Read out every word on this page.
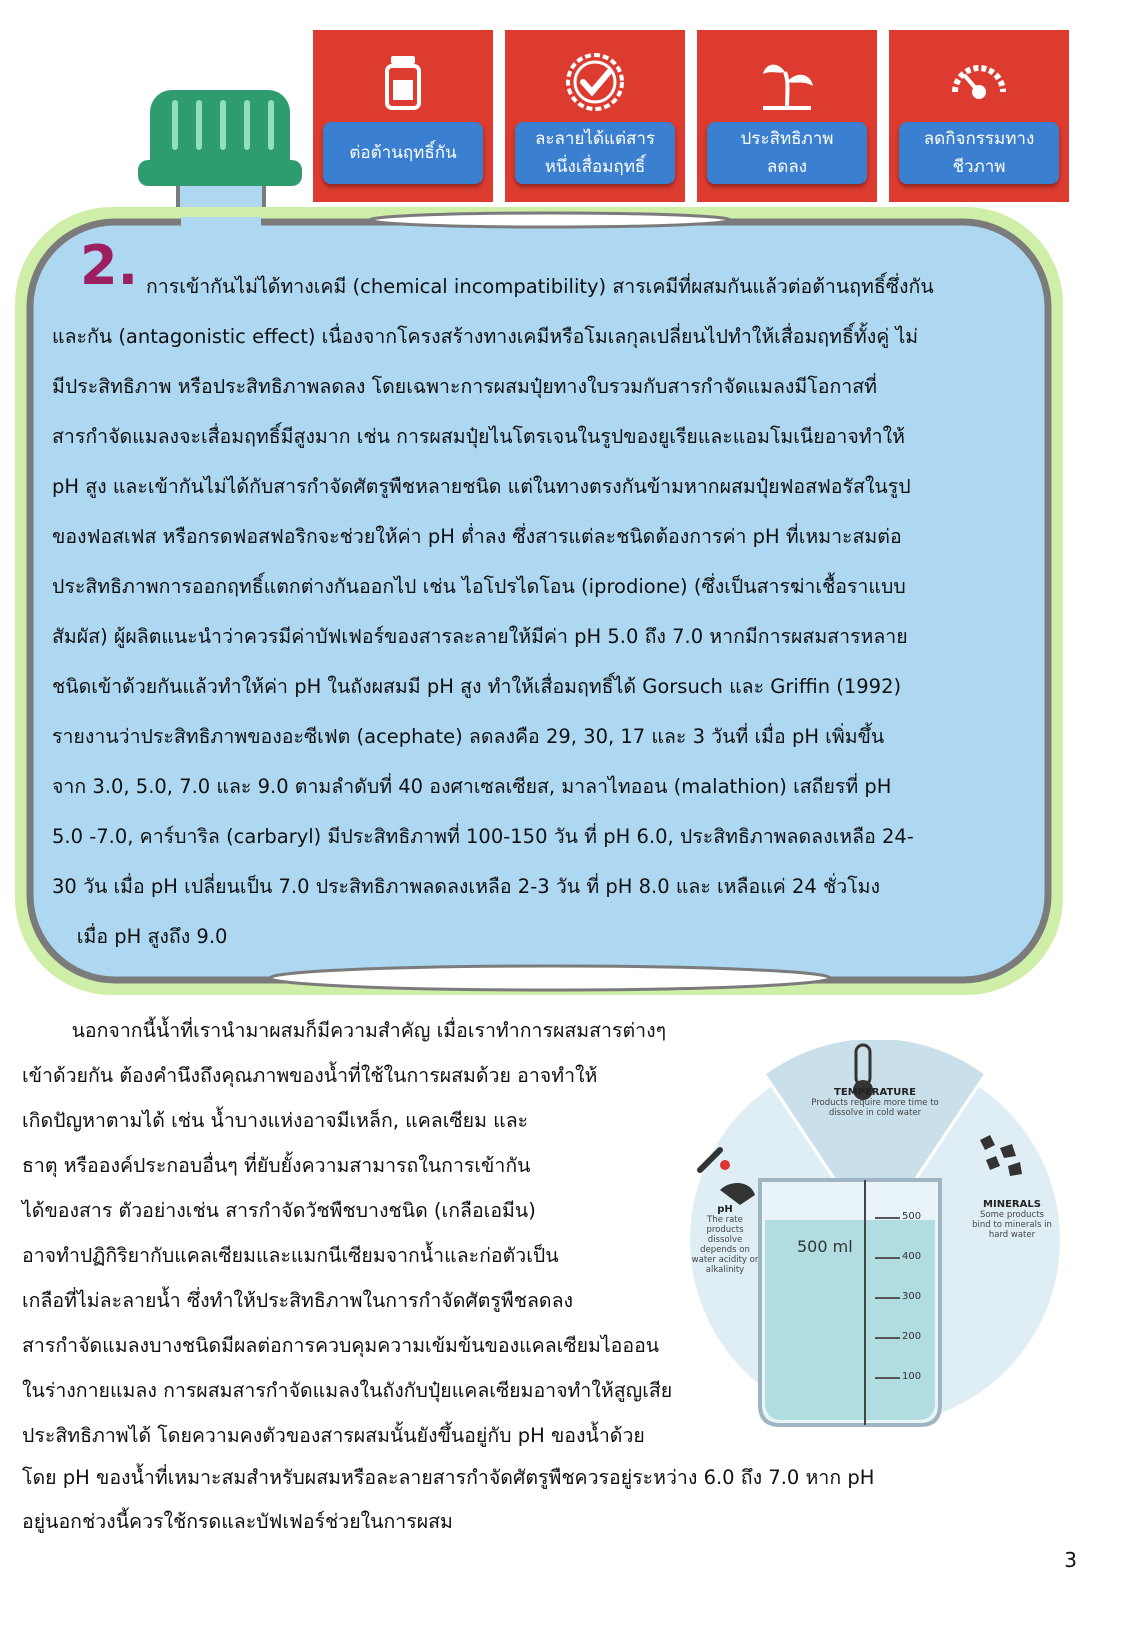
ต่อต้านฤทธิ์กัน
ละลายได้แต่สาร
หนึ่งเสื่อมฤทธิ์
ประสิทธิภาพ
ลดลง
ลดกิจกรรมทาง
ชีวภาพ
2. การเข้ากันไม่ได้ทางเคมี (chemical incompatibility) สารเคมีที่ผสมกันแล้วต่อต้านฤทธิ์ซึ่งกัน
และกัน (antagonistic effect) เนื่องจากโครงสร้างทางเคมีหรือโมเลกุลเปลี่ยนไปทำให้เสื่อมฤทธิ์ทั้งคู่ ไม่
มีประสิทธิภาพ หรือประสิทธิภาพลดลง โดยเฉพาะการผสมปุ๋ยทางใบรวมกับสารกำจัดแมลงมีโอกาสที่
สารกำจัดแมลงจะเสื่อมฤทธิ์มีสูงมาก เช่น การผสมปุ๋ยไนโตรเจนในรูปของยูเรียและแอมโมเนียอาจทำให้
pH สูง และเข้ากันไม่ได้กับสารกำจัดศัตรูพืชหลายชนิด แต่ในทางตรงกันข้ามหากผสมปุ๋ยฟอสฟอรัสในรูป
ของฟอสเฟส หรือกรดฟอสฟอริกจะช่วยให้ค่า pH ต่ำลง ซึ่งสารแต่ละชนิดต้องการค่า pH ที่เหมาะสมต่อ
ประสิทธิภาพการออกฤทธิ์แตกต่างกันออกไป เช่น ไอโปรไดโอน (iprodione) (ซึ่งเป็นสารฆ่าเชื้อราแบบ
สัมผัส) ผู้ผลิตแนะนำว่าควรมีค่าบัฟเฟอร์ของสารละลายให้มีค่า pH 5.0 ถึง 7.0 หากมีการผสมสารหลาย
ชนิดเข้าด้วยกันแล้วทำให้ค่า pH ในถังผสมมี pH สูง ทำให้เสื่อมฤทธิ์ได้ Gorsuch และ Griffin (1992)
รายงานว่าประสิทธิภาพของอะซีเฟต (acephate) ลดลงคือ 29, 30, 17 และ 3 วันที่ เมื่อ pH เพิ่มขึ้น
จาก 3.0, 5.0, 7.0 และ 9.0 ตามลำดับที่ 40 องศาเซลเซียส, มาลาไทออน (malathion) เสถียรที่ pH
5.0 -7.0, คาร์บาริล (carbaryl) มีประสิทธิภาพที่ 100-150 วัน ที่ pH 6.0, ประสิทธิภาพลดลงเหลือ 24-
30 วัน เมื่อ pH เปลี่ยนเป็น 7.0 ประสิทธิภาพลดลงเหลือ 2-3 วัน ที่ pH 8.0 และ เหลือแค่ 24 ชั่วโมง
เมื่อ pH สูงถึง 9.0
TEMPERATURE
Products require more time to dissolve in cold water
pH
The rate products dissolve depends on water acidity or alkalinity
MINERALS
Some products bind to minerals in hard water
500 ml
500
400
300
200
100
นอกจากนี้น้ำที่เรานำมาผสมก็มีความสำคัญ เมื่อเราทำการผสมสารต่างๆ
เข้าด้วยกัน ต้องคำนึงถึงคุณภาพของน้ำที่ใช้ในการผสมด้วย อาจทำให้
เกิดปัญหาตามได้ เช่น น้ำบางแห่งอาจมีเหล็ก, แคลเซียม และ
ธาตุ หรือองค์ประกอบอื่นๆ ที่ยับยั้งความสามารถในการเข้ากัน
ได้ของสาร ตัวอย่างเช่น สารกำจัดวัชพืชบางชนิด (เกลือเอมีน)
อาจทำปฏิกิริยากับแคลเซียมและแมกนีเซียมจากน้ำและก่อตัวเป็น
เกลือที่ไม่ละลายน้ำ ซึ่งทำให้ประสิทธิภาพในการกำจัดศัตรูพืชลดลง
สารกำจัดแมลงบางชนิดมีผลต่อการควบคุมความเข้มข้นของแคลเซียมไอออน
ในร่างกายแมลง การผสมสารกำจัดแมลงในถังกับปุ๋ยแคลเซียมอาจทำให้สูญเสีย
ประสิทธิภาพได้ โดยความคงตัวของสารผสมนั้นยังขึ้นอยู่กับ pH ของน้ำด้วย
โดย pH ของน้ำที่เหมาะสมสำหรับผสมหรือละลายสารกำจัดศัตรูพืชควรอยู่ระหว่าง 6.0 ถึง 7.0 หาก pH
อยู่นอกช่วงนี้ควรใช้กรดและบัฟเฟอร์ช่วยในการผสม
3
